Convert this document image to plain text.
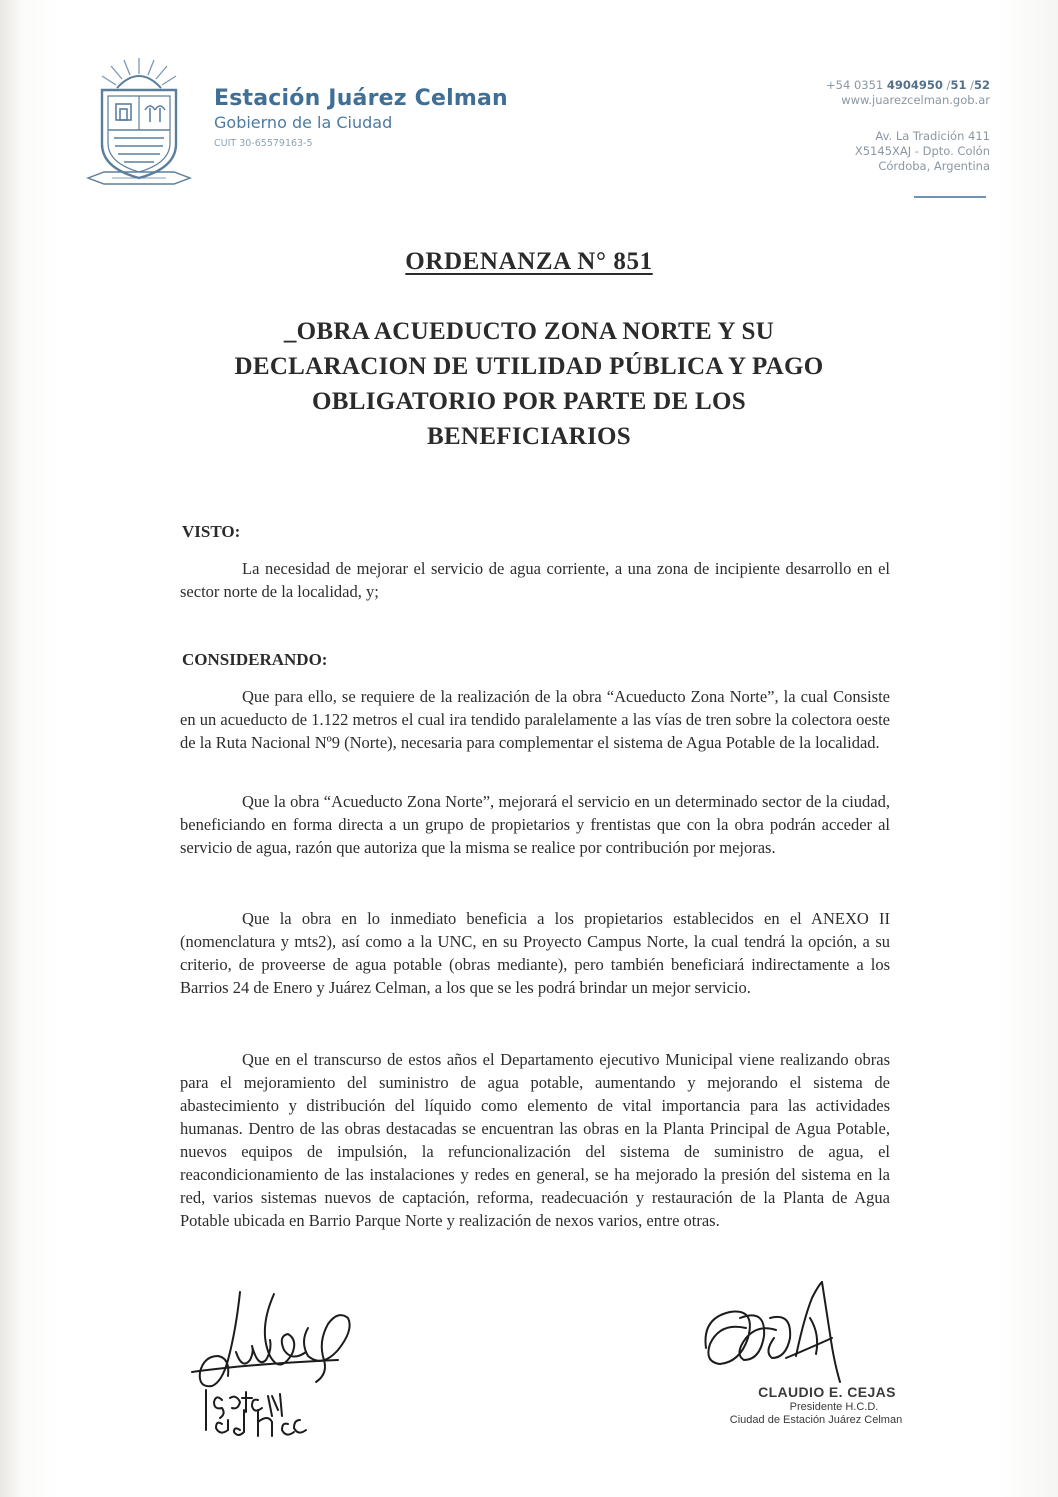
Estación Juárez Celman
Gobierno de la Ciudad
CUIT 30-65579163-5
+54 0351 4904950 /51 /52
www.juarezcelman.gob.ar
Av. La Tradición 411
X5145XAJ - Dpto. Colón
Córdoba, Argentina
ORDENANZA N° 851
_OBRA ACUEDUCTO ZONA NORTE Y SU
DECLARACION DE UTILIDAD PÚBLICA Y PAGO
OBLIGATORIO POR PARTE DE LOS
BENEFICIARIOS
VISTO:
La necesidad de mejorar el servicio de agua corriente, a una zona de incipiente desarrollo en el sector norte de la localidad, y;
CONSIDERANDO:
Que para ello, se requiere de la realización de la obra “Acueducto Zona Norte”, la cual Consiste en un acueducto de 1.122 metros el cual ira tendido paralelamente a las vías de tren sobre la colectora oeste de la Ruta Nacional Nº9 (Norte), necesaria para complementar el sistema de Agua Potable de la localidad.
Que la obra “Acueducto Zona Norte”, mejorará el servicio en un determinado sector de la ciudad, beneficiando en forma directa a un grupo de propietarios y frentistas que con la obra podrán acceder al servicio de agua, razón que autoriza que la misma se realice por contribución por mejoras.
Que la obra en lo inmediato beneficia a los propietarios establecidos en el ANEXO II (nomenclatura y mts2), así como a la UNC, en su Proyecto Campus Norte, la cual tendrá la opción, a su criterio, de proveerse de agua potable (obras mediante), pero también beneficiará indirectamente a los Barrios 24 de Enero y Juárez Celman, a los que se les podrá brindar un mejor servicio.
Que en el transcurso de estos años el Departamento ejecutivo Municipal viene realizando obras para el mejoramiento del suministro de agua potable, aumentando y mejorando el sistema de abastecimiento y distribución del líquido como elemento de vital importancia para las actividades humanas. Dentro de las obras destacadas se encuentran las obras en la Planta Principal de Agua Potable, nuevos equipos de impulsión, la refuncionalización del sistema de suministro de agua, el reacondicionamiento de las instalaciones y redes en general, se ha mejorado la presión del sistema en la red, varios sistemas nuevos de captación, reforma, readecuación y restauración de la Planta de Agua Potable ubicada en Barrio Parque Norte y realización de nexos varios, entre otras.
CLAUDIO E. CEJAS
Presidente H.C.D.
Ciudad de Estación Juárez Celman
